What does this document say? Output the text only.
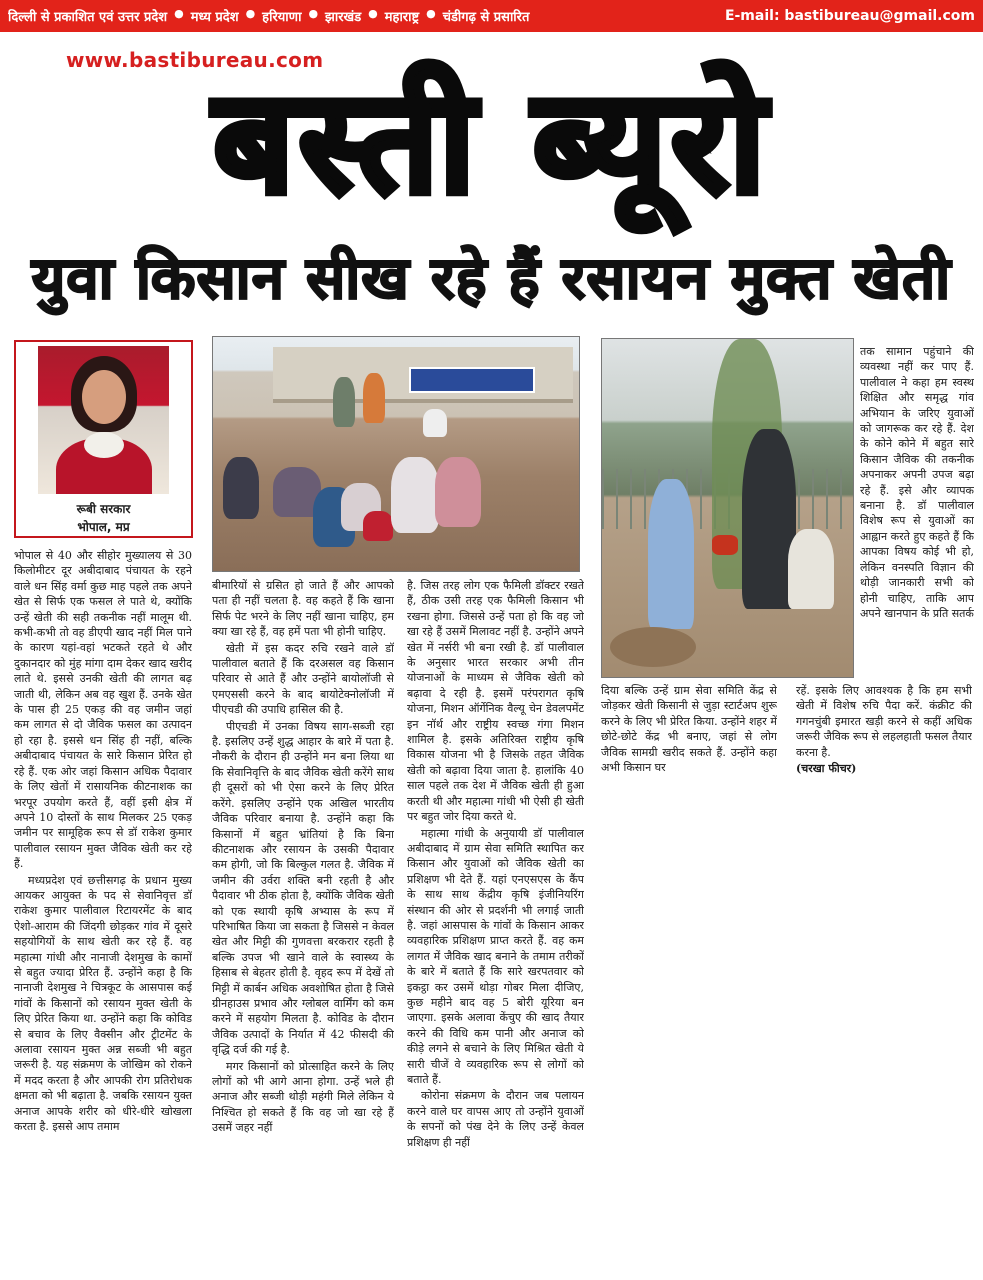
दिल्ली से प्रकाशित एवं उत्तर प्रदेश ● मध्य प्रदेश ● हरियाणा ● झारखंड ● महाराष्ट्र ● चंडीगढ़ से प्रसारित	E-mail: bastibureau@gmail.com
www.bastibureau.com
बस्ती ब्यूरो
युवा किसान सीख रहे हैं रसायन मुक्त खेती
रूबी सरकार
भोपाल, मप्र

भोपाल से 40 और सीहोर मुख्यालय से 30 किलोमीटर दूर अबीदाबाद पंचायत के रहने वाले धन सिंह वर्मा कुछ माह पहले तक अपने खेत से सिर्फ एक फसल ले पाते थे, क्योंकि उन्हें खेती की सही तकनीक नहीं मालूम थी. कभी-कभी तो वह डीएपी खाद नहीं मिल पाने के कारण यहां-वहां भटकते रहते थे और दुकानदार को मुंह मांगा दाम देकर खाद खरीद लाते थे. इससे उनकी खेती की लागत बढ़ जाती थी, लेकिन अब वह खुश हैं. उनके खेत के पास ही 25 एकड़ की वह जमीन जहां कम लागत से दो जैविक फसल का उत्पादन हो रहा है. इससे धन सिंह ही नहीं, बल्कि अबीदाबाद पंचायत के सारे किसान प्रेरित हो रहे हैं. एक ओर जहां किसान अधिक पैदावार के लिए खेतों में रासायनिक कीटनाशक का भरपूर उपयोग करते हैं, वहीं इसी क्षेत्र में अपने 10 दोस्तों के साथ मिलकर 25 एकड़ जमीन पर सामूहिक रूप से डॉ राकेश कुमार पालीवाल रसायन मुक्त जैविक खेती कर रहे हैं.

मध्यप्रदेश एवं छत्तीसगढ़ के प्रधान मुख्य आयकर आयुक्त के पद से सेवानिवृत्त डॉ राकेश कुमार पालीवाल रिटायरमेंट के बाद ऐशो-आराम की जिंदगी छोड़कर गांव में दूसरे सहयोगियों के साथ खेती कर रहे हैं. वह महात्मा गांधी और नानाजी देशमुख के कामों से बहुत ज्यादा प्रेरित हैं. उन्होंने कहा है कि नानाजी देशमुख ने चित्रकूट के आसपास कई गांवों के किसानों को रसायन मुक्त खेती के लिए प्रेरित किया था. उन्होंने कहा कि कोविड से बचाव के लिए वैक्सीन और ट्रीटमेंट के अलावा रसायन मुक्त अन्न सब्जी भी बहुत जरूरी है. यह संक्रमण के जोखिम को रोकने में मदद करता है और आपकी रोग प्रतिरोधक क्षमता को भी बढ़ाता है. जबकि रसायन युक्त अनाज आपके शरीर को धीरे-धीरे खोखला करता है. इससे आप तमाम

बीमारियों से ग्रसित हो जाते हैं और आपको पता ही नहीं चलता है. वह कहते हैं कि खाना सिर्फ पेट भरने के लिए नहीं खाना चाहिए, हम क्या खा रहे हैं, वह हमें पता भी होनी चाहिए.

खेती में इस कदर रुचि रखने वाले डॉ पालीवाल बताते हैं कि दरअसल वह किसान परिवार से आते हैं और उन्होंने बायोलॉजी से एमएससी करने के बाद बायोटेक्नोलॉजी में पीएचडी की उपाधि हासिल की है.

पीएचडी में उनका विषय साग-सब्जी रहा है. इसलिए उन्हें शुद्ध आहार के बारे में पता है. नौकरी के दौरान ही उन्होंने मन बना लिया था कि सेवानिवृत्ति के बाद जैविक खेती करेंगे साथ ही दूसरों को भी ऐसा करने के लिए प्रेरित करेंगे. इसलिए उन्होंने एक अखिल भारतीय जैविक परिवार बनाया है. उन्होंने कहा कि किसानों में बहुत भ्रांतियां है कि बिना कीटनाशक और रसायन के उसकी पैदावार कम होगी, जो कि बिल्कुल गलत है. जैविक में जमीन की उर्वरा शक्ति बनी रहती है और पैदावार भी ठीक होता है, क्योंकि जैविक खेती को एक स्थायी कृषि अभ्यास के रूप में परिभाषित किया जा सकता है जिससे न केवल खेत और मिट्टी की गुणवत्ता बरकरार रहती है बल्कि उपज भी खाने वाले के स्वास्थ्य के हिसाब से बेहतर होती है. वृहद रूप में देखें तो मिट्टी में कार्बन अधिक अवशोषित होता है जिसे ग्रीनहाउस प्रभाव और ग्लोबल वार्मिंग को कम करने में सहयोग मिलता है. कोविड के दौरान जैविक उत्पादों के निर्यात में 42 फीसदी की वृद्धि दर्ज की गई है.

मगर किसानों को प्रोत्साहित करने के लिए लोगों को भी आगे आना होगा. उन्हें भले ही अनाज और सब्जी थोड़ी महंगी मिले लेकिन ये निश्चित हो सकते हैं कि वह जो खा रहे हैं उसमें जहर नहीं

है. जिस तरह लोग एक फैमिली डॉक्टर रखते हैं, ठीक उसी तरह एक फैमिली किसान भी रखना होगा. जिससे उन्हें पता हो कि वह जो खा रहे हैं उसमें मिलावट नहीं है. उन्होंने अपने खेत में नर्सरी भी बना रखी है. डॉ पालीवाल के अनुसार भारत सरकार अभी तीन योजनाओं के माध्यम से जैविक खेती को बढ़ावा दे रही है. इसमें परंपरागत कृषि योजना, मिशन ऑर्गेनिक वैल्यू चेन डेवलपमेंट इन नॉर्थ और राष्ट्रीय स्वच्छ गंगा मिशन शामिल है. इसके अतिरिक्त राष्ट्रीय कृषि विकास योजना भी है जिसके तहत जैविक खेती को बढ़ावा दिया जाता है. हालांकि 40 साल पहले तक देश में जैविक खेती ही हुआ करती थी और महात्मा गांधी भी ऐसी ही खेती पर बहुत जोर दिया करते थे.

महात्मा गांधी के अनुयायी डॉ पालीवाल अबीदाबाद में ग्राम सेवा समिति स्थापित कर किसान और युवाओं को जैविक खेती का प्रशिक्षण भी देते हैं. यहां एनएसएस के कैंप के साथ साथ केंद्रीय कृषि इंजीनियरिंग संस्थान की ओर से प्रदर्शनी भी लगाई जाती है. जहां आसपास के गांवों के किसान आकर व्यवहारिक प्रशिक्षण प्राप्त करते हैं. वह कम लागत में जैविक खाद बनाने के तमाम तरीकों के बारे में बताते हैं कि सारे खरपतवार को इकट्ठा कर उसमें थोड़ा गोबर मिला दीजिए, कुछ महीने बाद वह 5 बोरी यूरिया बन जाएगा. इसके अलावा केंचुए की खाद तैयार करने की विधि कम पानी और अनाज को कीड़े लगने से बचाने के लिए मिश्रित खेती ये सारी चीजें वे व्यवहारिक रूप से लोगों को बताते हैं.

कोरोना संक्रमण के दौरान जब पलायन करने वाले घर वापस आए तो उन्होंने युवाओं के सपनों को पंख देने के लिए उन्हें केवल प्रशिक्षण ही नहीं

दिया बल्कि उन्हें ग्राम सेवा समिति केंद्र से जोड़कर खेती किसानी से जुड़ा स्टार्टअप शुरू करने के लिए भी प्रेरित किया. उन्होंने शहर में छोटे-छोटे केंद्र भी बनाए, जहां से लोग जैविक सामग्री खरीद सकते हैं. उन्होंने कहा अभी किसान घर

रहें. इसके लिए आवश्यक है कि हम सभी खेती में विशेष रुचि पैदा करें. कंक्रीट की गगनचुंबी इमारत खड़ी करने से कहीं अधिक जरूरी जैविक रूप से लहलहाती फसल तैयार करना है.

(चरखा फीचर)

तक सामान पहुंचाने की व्यवस्था नहीं कर पाए हैं. पालीवाल ने कहा हम स्वस्थ शिक्षित और समृद्ध गांव अभियान के जरिए युवाओं को जागरूक कर रहे हैं. देश के कोने कोने में बहुत सारे किसान जैविक की तकनीक अपनाकर अपनी उपज बढ़ा रहे हैं. इसे और व्यापक बनाना है. डॉ पालीवाल विशेष रूप से युवाओं का आह्वान करते हुए कहते हैं कि आपका विषय कोई भी हो, लेकिन वनस्पति विज्ञान की थोड़ी जानकारी सभी को होनी चाहिए, ताकि आप अपने खानपान के प्रति सतर्क
